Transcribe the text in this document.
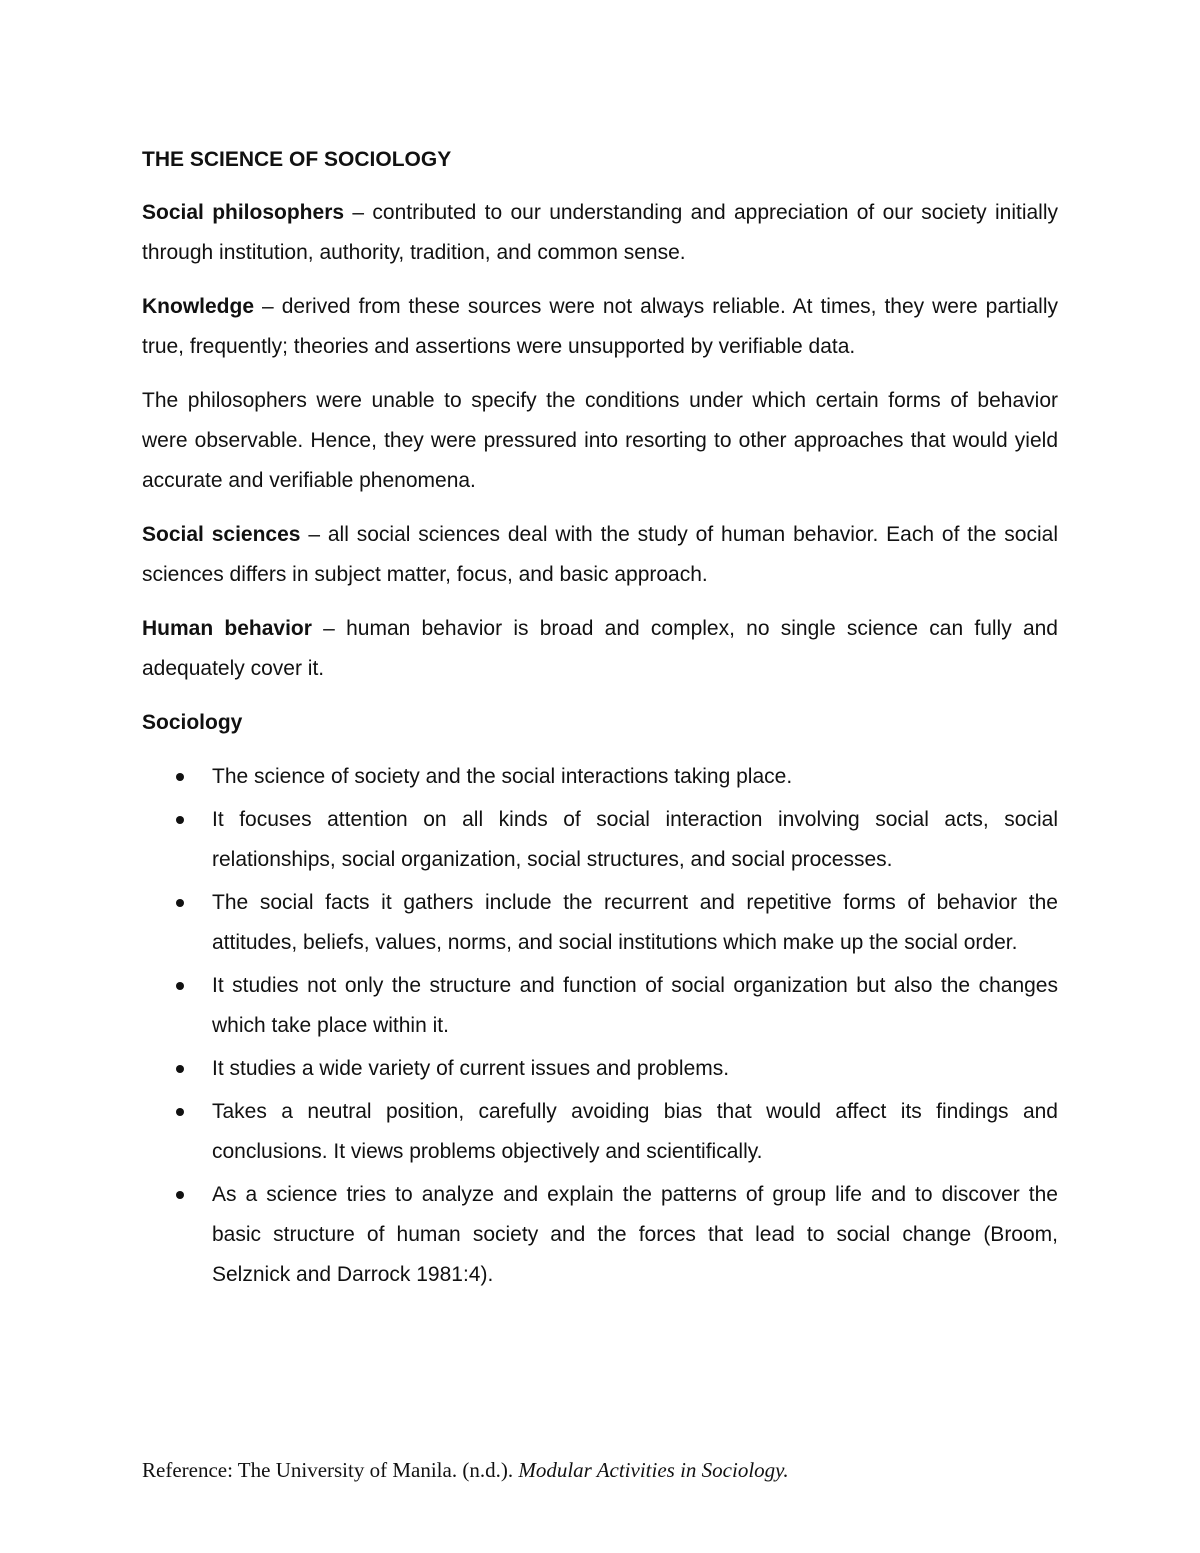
THE SCIENCE OF SOCIOLOGY

Social philosophers – contributed to our understanding and appreciation of our society initially through institution, authority, tradition, and common sense.

Knowledge – derived from these sources were not always reliable. At times, they were partially true, frequently; theories and assertions were unsupported by verifiable data.

The philosophers were unable to specify the conditions under which certain forms of behavior were observable. Hence, they were pressured into resorting to other approaches that would yield accurate and verifiable phenomena.

Social sciences – all social sciences deal with the study of human behavior. Each of the social sciences differs in subject matter, focus, and basic approach.

Human behavior – human behavior is broad and complex, no single science can fully and adequately cover it.

Sociology
The science of society and the social interactions taking place.
It focuses attention on all kinds of social interaction involving social acts, social relationships, social organization, social structures, and social processes.
The social facts it gathers include the recurrent and repetitive forms of behavior the attitudes, beliefs, values, norms, and social institutions which make up the social order.
It studies not only the structure and function of social organization but also the changes which take place within it.
It studies a wide variety of current issues and problems.
Takes a neutral position, carefully avoiding bias that would affect its findings and conclusions. It views problems objectively and scientifically.
As a science tries to analyze and explain the patterns of group life and to discover the basic structure of human society and the forces that lead to social change (Broom, Selznick and Darrock 1981:4).
Reference: The University of Manila. (n.d.). Modular Activities in Sociology.
